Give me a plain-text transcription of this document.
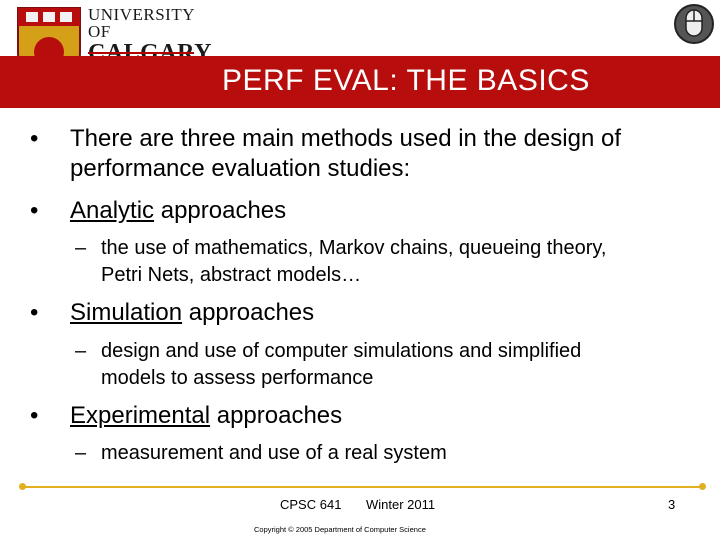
UNIVERSITY OF
PERF EVAL: THE BASICS
• There are three main methods used in the design of performance evaluation studies:
• Analytic approaches
– the use of mathematics, Markov chains, queueing theory, Petri Nets, abstract models…
• Simulation approaches
– design and use of computer simulations and simplified models to assess performance
• Experimental approaches
– measurement and use of a real system
CPSC 641 Winter 2011	3
Copyright © 2005 Department of Computer Science
